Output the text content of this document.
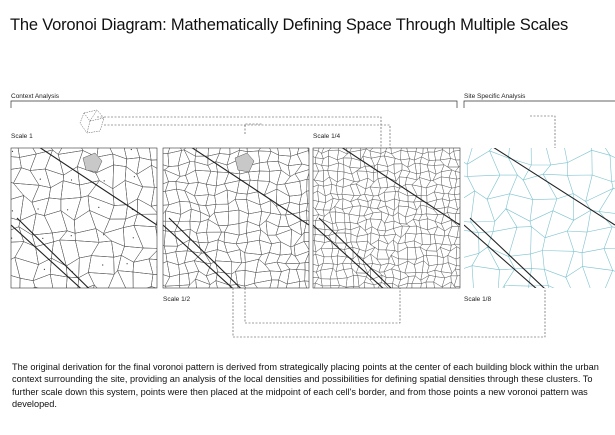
The Voronoi Diagram: Mathematically Defining Space Through Multiple Scales
Context Analysis	Site Specific Analysis
Scale 1
Scale 1/2
Scale 1/4
Scale 1/8
The original derivation for the final voronoi pattern is derived from strategically placing points at the center of each building block within the urban context surrounding the site, providing an analysis of the local densities and possibilities for defining spatial densities through these clusters. To further scale down this system, points were then placed at the midpoint of each cell's border, and from those points a new voronoi pattern was developed.
